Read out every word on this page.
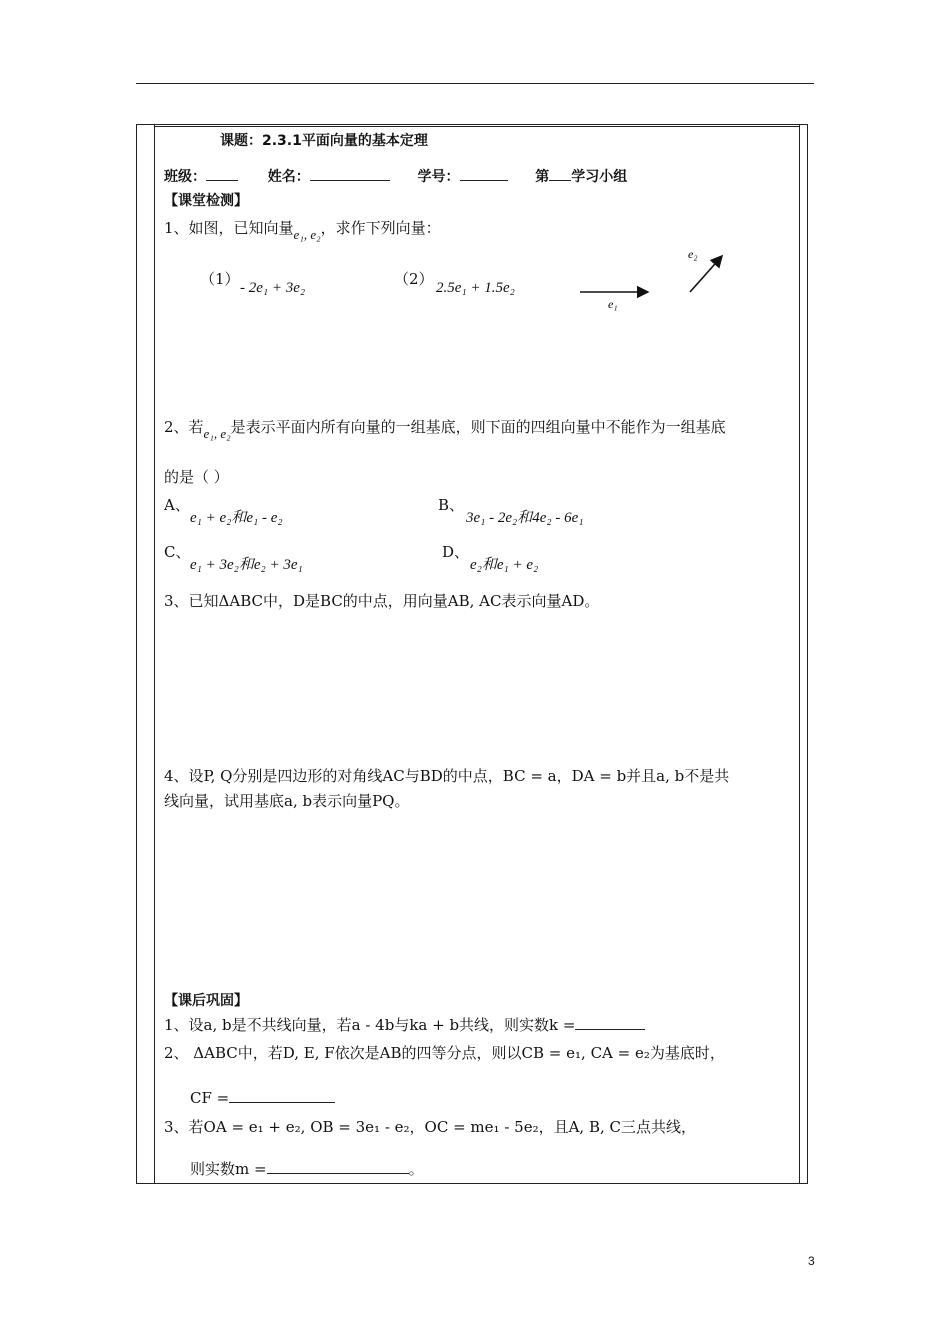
课题：2.3.1平面向量的基本定理
班级：	姓名：	学号：	第 学习小组
【课堂检测】
1、如图，已知向量e₁, e₂，求作下列向量：
（1） - 2e₁ + 3e₂	（2） 2.5e₁ + 1.5e₂
e₁
e₂
2、若e₁, e₂是表示平面内所有向量的一组基底，则下面的四组向量中不能作为一组基底
的是（ ）
A、
e₁ + e₂和e₁ - e₂
B、
3e₁ - 2e₂和4e₂ - 6e₁
C、
e₁ + 3e₂和e₂ + 3e₁
D、
e₂和e₁ + e₂
3、已知ΔABC中，D是BC的中点，用向量AB, AC表示向量AD。
4、设P, Q分别是四边形的对角线AC与BD的中点，BC = a，DA = b并且a, b不是共
线向量，试用基底a, b表示向量PQ。
【课后巩固】
1、设a, b是不共线向量，若a - 4b与ka + b共线，则实数k =
2、 ΔABC中，若D, E, F依次是AB的四等分点，则以CB = e₁, CA = e₂为基底时，
CF =
3、若OA = e₁ + e₂, OB = 3e₁ - e₂，OC = me₁ - 5e₂，且A, B, C三点共线，
则实数m =	。
3
